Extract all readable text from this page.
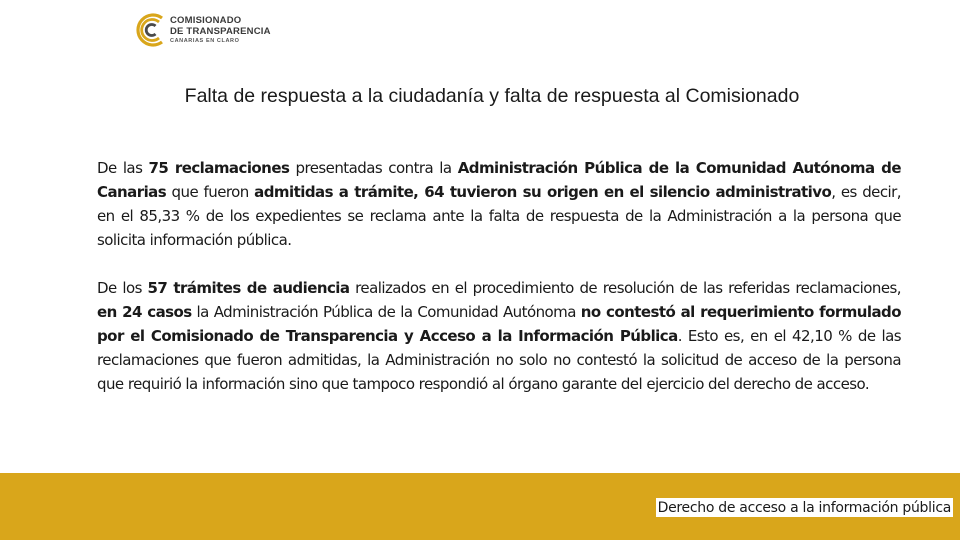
COMISIONADO
DE TRANSPARENCIA
CANARIAS EN CLARO
Falta de respuesta a la ciudadanía y falta de respuesta al Comisionado

De las 75 reclamaciones presentadas contra la Administración Pública de la Comunidad Autónoma de Canarias que fueron admitidas a trámite, 64 tuvieron su origen en el silencio administrativo, es decir, en el 85,33 % de los expedientes se reclama ante la falta de respuesta de la Administración a la persona que solicita información pública.

De los 57 trámites de audiencia realizados en el procedimiento de resolución de las referidas reclamaciones, en 24 casos la Administración Pública de la Comunidad Autónoma no contestó al requerimiento formulado por el Comisionado de Transparencia y Acceso a la Información Pública. Esto es, en el 42,10 % de las reclamaciones que fueron admitidas, la Administración no solo no contestó la solicitud de acceso de la persona que requirió la información sino que tampoco respondió al órgano garante del ejercicio del derecho de acceso.

Derecho de acceso a la información pública
